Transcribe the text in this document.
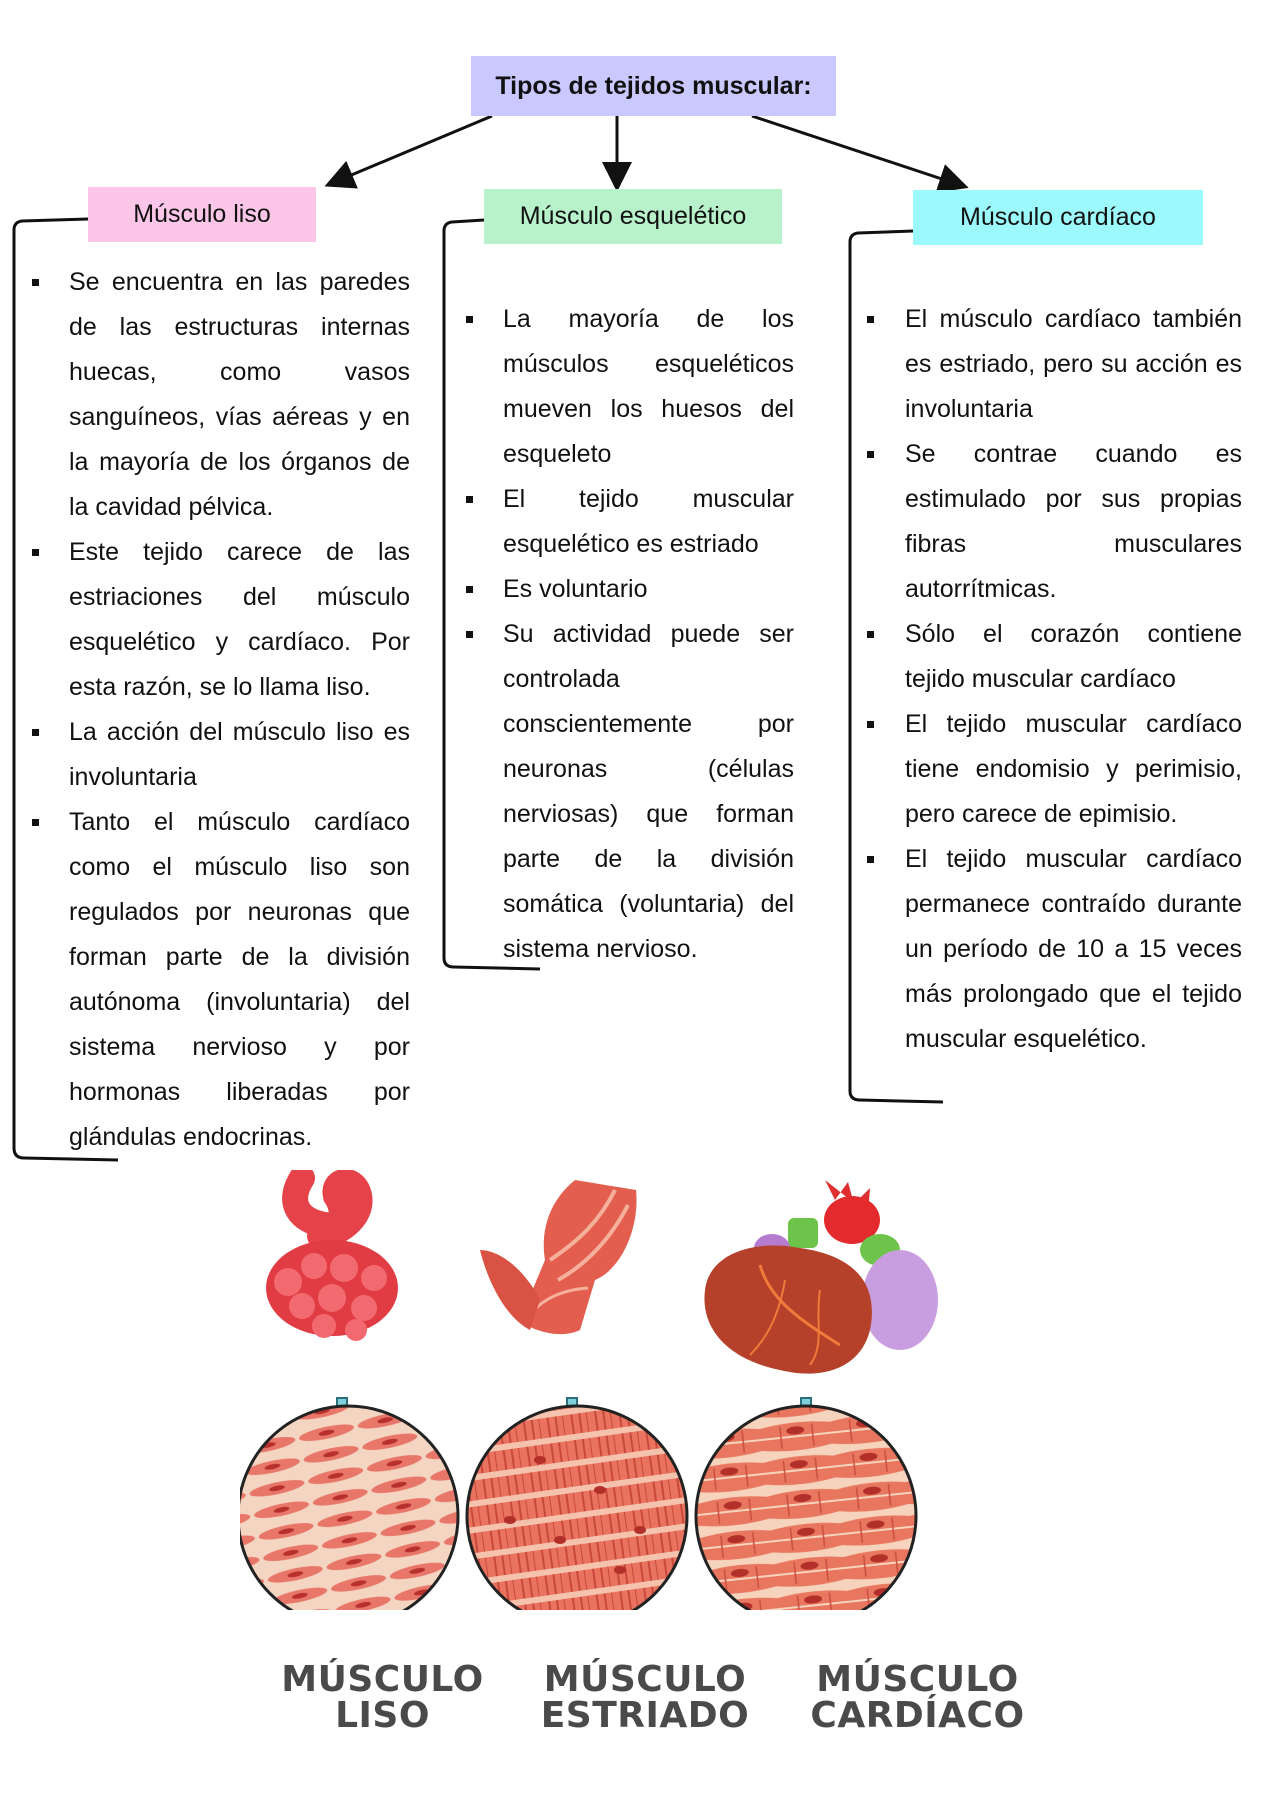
Tipos de tejidos muscular:
Músculo liso	Músculo esquelético	Músculo cardíaco
Se encuentra en las paredes de las estructuras internas huecas, como vasos sanguíneos, vías aéreas y en la mayoría de los órganos de la cavidad pélvica.
Este tejido carece de las estriaciones del músculo esquelético y cardíaco. Por esta razón, se lo llama liso.
La acción del músculo liso es involuntaria
Tanto el músculo cardíaco como el músculo liso son regulados por neuronas que forman parte de la división autónoma (involuntaria) del sistema nervioso y por hormonas liberadas por glándulas endocrinas.
La mayoría de los músculos esqueléticos mueven los huesos del esqueleto
El tejido muscular esquelético es estriado
Es voluntario
Su actividad puede ser controlada conscientemente por neuronas (células nerviosas) que forman parte de la división somática (voluntaria) del sistema nervioso.
El músculo cardíaco también es estriado, pero su acción es involuntaria
Se contrae cuando es estimulado por sus propias fibras musculares autorrítmicas.
Sólo el corazón contiene tejido muscular cardíaco
El tejido muscular cardíaco tiene endomisio y perimisio, pero carece de epimisio.
El tejido muscular cardíaco permanece contraído durante un período de 10 a 15 veces más prolongado que el tejido muscular esquelético.
MÚSCULO
LISO
MÚSCULO
ESTRIADO
MÚSCULO
CARDÍACO
